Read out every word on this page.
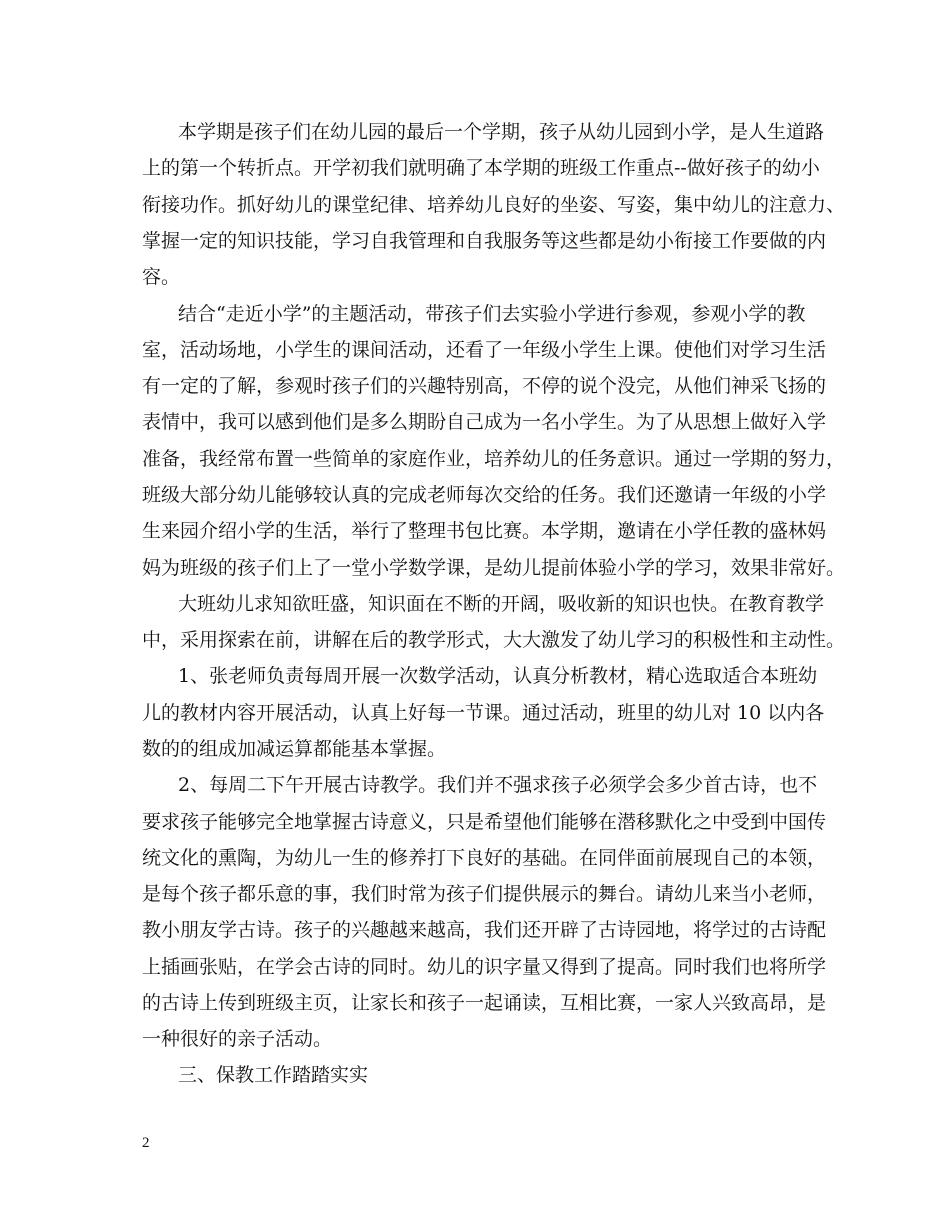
本学期是孩子们在幼儿园的最后一个学期，孩子从幼儿园到小学，是人生道路
上的第一个转折点。开学初我们就明确了本学期的班级工作重点--做好孩子的幼小
衔接功作。抓好幼儿的课堂纪律、培养幼儿良好的坐姿、写姿，集中幼儿的注意力、
掌握一定的知识技能，学习自我管理和自我服务等这些都是幼小衔接工作要做的内
容。
结合“走近小学”的主题活动，带孩子们去实验小学进行参观，参观小学的教
室，活动场地，小学生的课间活动，还看了一年级小学生上课。使他们对学习生活
有一定的了解，参观时孩子们的兴趣特别高，不停的说个没完，从他们神采飞扬的
表情中，我可以感到他们是多么期盼自己成为一名小学生。为了从思想上做好入学
准备，我经常布置一些简单的家庭作业，培养幼儿的任务意识。通过一学期的努力，
班级大部分幼儿能够较认真的完成老师每次交给的任务。我们还邀请一年级的小学
生来园介绍小学的生活，举行了整理书包比赛。本学期，邀请在小学任教的盛林妈
妈为班级的孩子们上了一堂小学数学课，是幼儿提前体验小学的学习，效果非常好。
大班幼儿求知欲旺盛，知识面在不断的开阔，吸收新的知识也快。在教育教学
中，采用探索在前，讲解在后的教学形式，大大激发了幼儿学习的积极性和主动性。
1、张老师负责每周开展一次数学活动，认真分析教材，精心选取适合本班幼
儿的教材内容开展活动，认真上好每一节课。通过活动，班里的幼儿对 10 以内各
数的的组成加减运算都能基本掌握。
2、每周二下午开展古诗教学。我们并不强求孩子必须学会多少首古诗，也不
要求孩子能够完全地掌握古诗意义，只是希望他们能够在潜移默化之中受到中国传
统文化的熏陶，为幼儿一生的修养打下良好的基础。在同伴面前展现自己的本领，
是每个孩子都乐意的事，我们时常为孩子们提供展示的舞台。请幼儿来当小老师，
教小朋友学古诗。孩子的兴趣越来越高，我们还开辟了古诗园地，将学过的古诗配
上插画张贴，在学会古诗的同时。幼儿的识字量又得到了提高。同时我们也将所学
的古诗上传到班级主页，让家长和孩子一起诵读，互相比赛，一家人兴致高昂，是
一种很好的亲子活动。
三、保教工作踏踏实实
2
